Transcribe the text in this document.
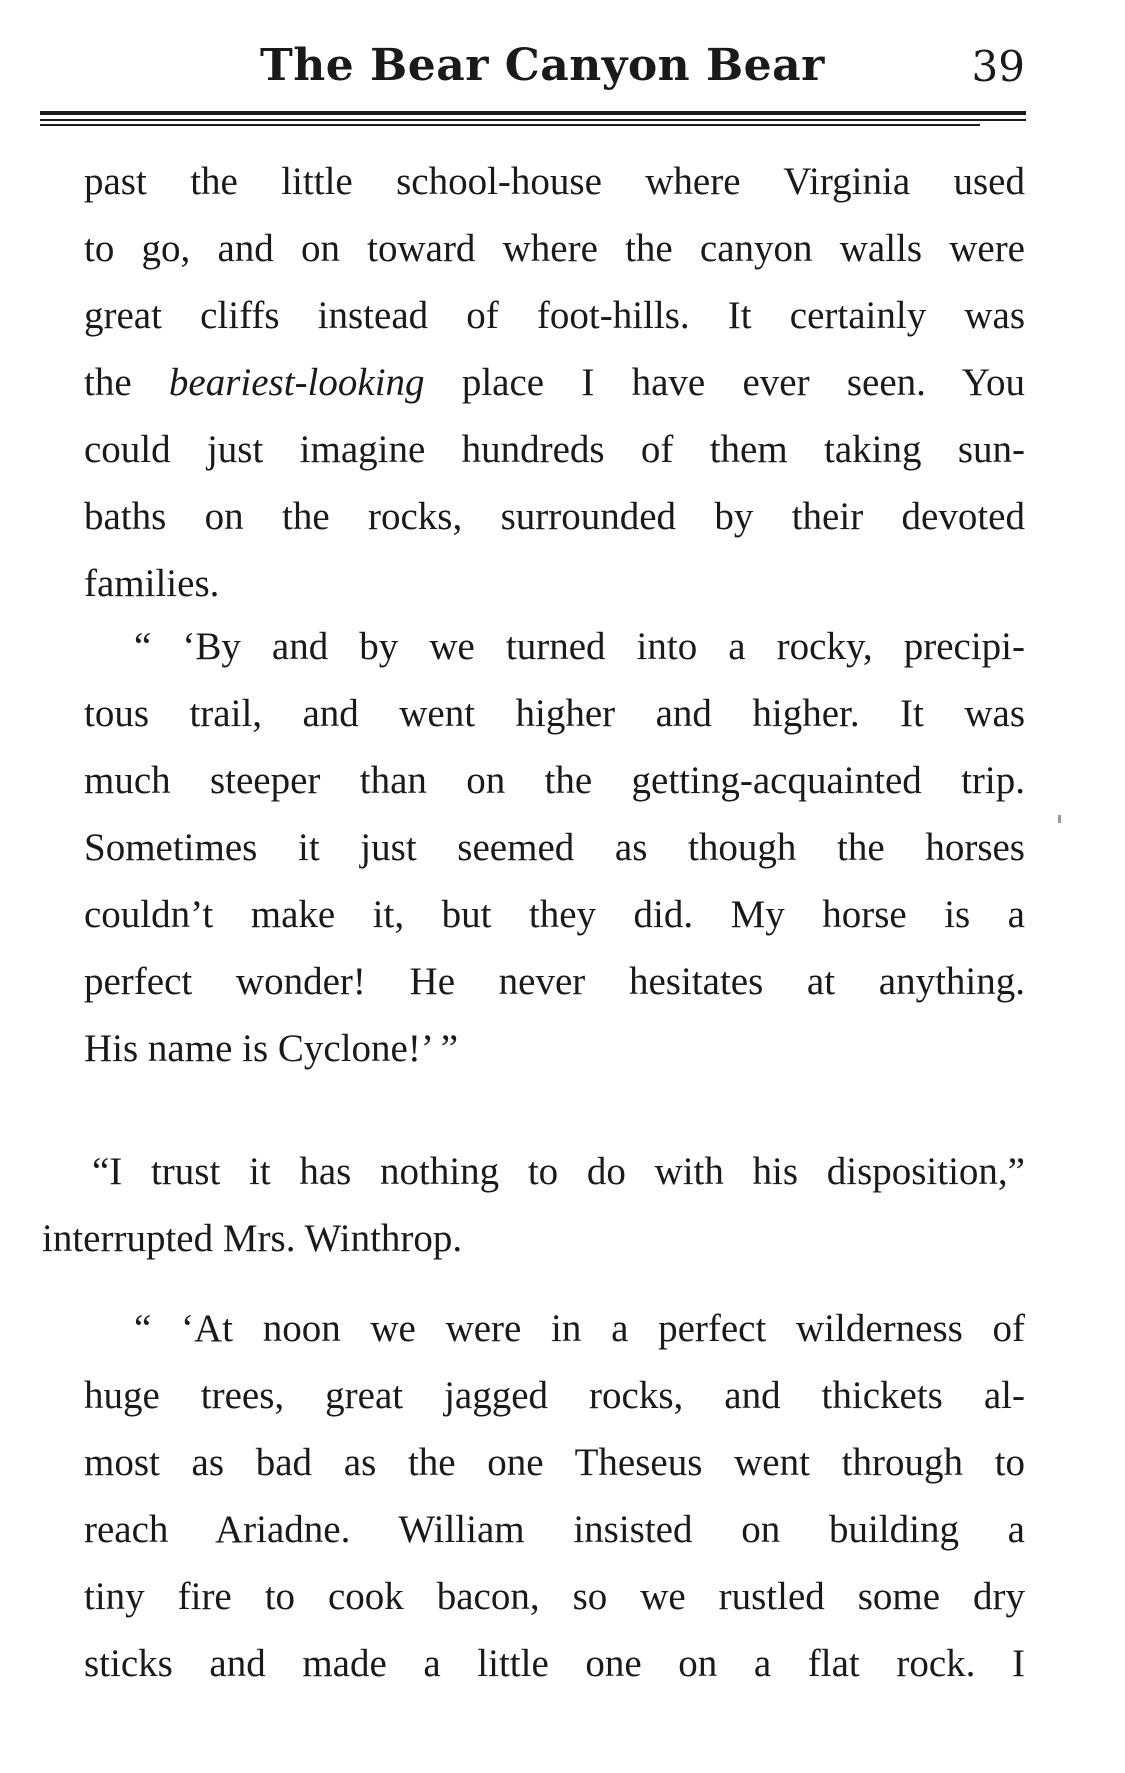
The Bear Canyon Bear	39
past the little school-house where Virginia used
to go, and on toward where the canyon walls were
great cliffs instead of foot-hills. It certainly was
the beariest-looking place I have ever seen. You
could just imagine hundreds of them taking sun-
baths on the rocks, surrounded by their devoted
families.
“ ‘By and by we turned into a rocky, precipi-
tous trail, and went higher and higher. It was
much steeper than on the getting-acquainted trip.
Sometimes it just seemed as though the horses
couldn’t make it, but they did. My horse is a
perfect wonder! He never hesitates at anything.
His name is Cyclone!’ ”
“I trust it has nothing to do with his disposition,”
interrupted Mrs. Winthrop.
“ ‘At noon we were in a perfect wilderness of
huge trees, great jagged rocks, and thickets al-
most as bad as the one Theseus went through to
reach Ariadne. William insisted on building a
tiny fire to cook bacon, so we rustled some dry
sticks and made a little one on a flat rock. I
